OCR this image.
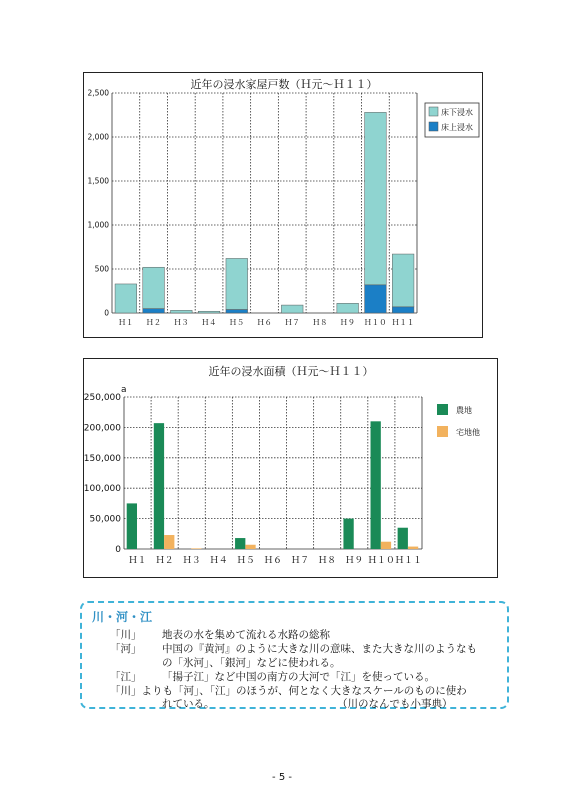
近年の浸水家屋戸数（Ｈ元～Ｈ１１）
0
500
1,000
1,500
2,000
2,500
Ｈ１ Ｈ２ Ｈ３ Ｈ４ Ｈ５ Ｈ６ Ｈ７ Ｈ８ Ｈ９ Ｈ１０ Ｈ１１
床下浸水
床上浸水
近年の浸水面積（Ｈ元～Ｈ１１）
a
0
50,000
100,000
150,000
200,000
250,000
Ｈ１ Ｈ２ Ｈ３ Ｈ４ Ｈ５ Ｈ６ Ｈ７ Ｈ８ Ｈ９ Ｈ１０ Ｈ１１
農地
宅地他
川・河・江
「川」 地表の水を集めて流れる水路の総称
「河」 中国の『黄河』のように大きな川の意味、また大きな川のようなも
の「氷河」、「銀河」などに使われる。
「江」 「揚子江」など中国の南方の大河で「江」を使っている。
「川」よりも「河」、「江」のほうが、何となく大きなスケールのものに使わ
れている。	（川のなんでも小事典）
- 5 -
